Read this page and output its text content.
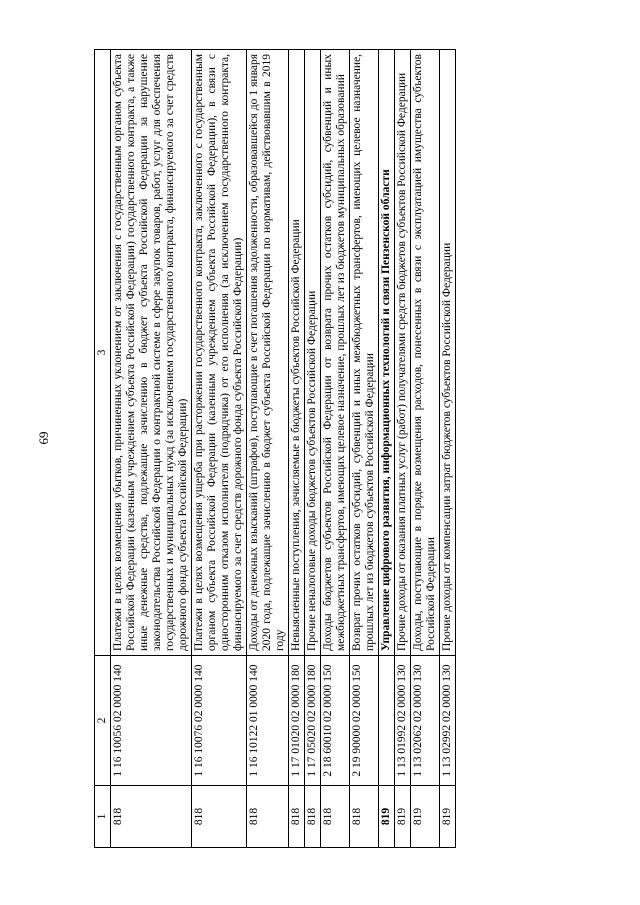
69
1	2	3
818	1 16 10056 02 0000 140	Платежи в целях возмещения убытков, причиненных уклонением от заключения с государственным органом субъекта Российской Федерации (казенным учреждением субъекта Российской Федерации) государственного контракта, а также иные денежные средства, подлежащие зачислению в бюджет субъекта Российской Федерации за нарушение законодательства Российской Федерации о контрактной системе в сфере закупок товаров, работ, услуг для обеспечения государственных и муниципальных нужд (за исключением государственного контракта, финансируемого за счет средств дорожного фонда субъекта Российской Федерации)
818	1 16 10076 02 0000 140	Платежи в целях возмещения ущерба при расторжении государственного контракта, заключенного с государственным органом субъекта Российской Федерации (казенным учреждением субъекта Российской Федерации), в связи с односторонним отказом исполнителя (подрядчика) от его исполнения (за исключением государственного контракта, финансируемого за счет средств дорожного фонда субъекта Российской Федерации)
818	1 16 10122 01 0000 140	Доходы от денежных взысканий (штрафов), поступающие в счет погашения задолженности, образовавшейся до 1 января 2020 года, подлежащие зачислению в бюджет субъекта Российской Федерации по нормативам, действовавшим в 2019 году
818	1 17 01020 02 0000 180	Невыясненные поступления, зачисляемые в бюджеты субъектов Российской Федерации
818	1 17 05020 02 0000 180	Прочие неналоговые доходы бюджетов субъектов Российской Федерации
818	2 18 60010 02 0000 150	Доходы бюджетов субъектов Российской Федерации от возврата прочих остатков субсидий, субвенций и иных межбюджетных трансфертов, имеющих целевое назначение, прошлых лет из бюджетов муниципальных образований
818	2 19 90000 02 0000 150	Возврат прочих остатков субсидий, субвенций и иных межбюджетных трансфертов, имеющих целевое назначение, прошлых лет из бюджетов субъектов Российской Федерации
819		Управление цифрового развития, информационных технологий и связи Пензенской области
819	1 13 01992 02 0000 130	Прочие доходы от оказания платных услуг (работ) получателями средств бюджетов субъектов Российской Федерации
819	1 13 02062 02 0000 130	Доходы, поступающие в порядке возмещения расходов, понесенных в связи с эксплуатацией имущества субъектов Российской Федерации
819	1 13 02992 02 0000 130	Прочие доходы от компенсации затрат бюджетов субъектов Российской Федерации
